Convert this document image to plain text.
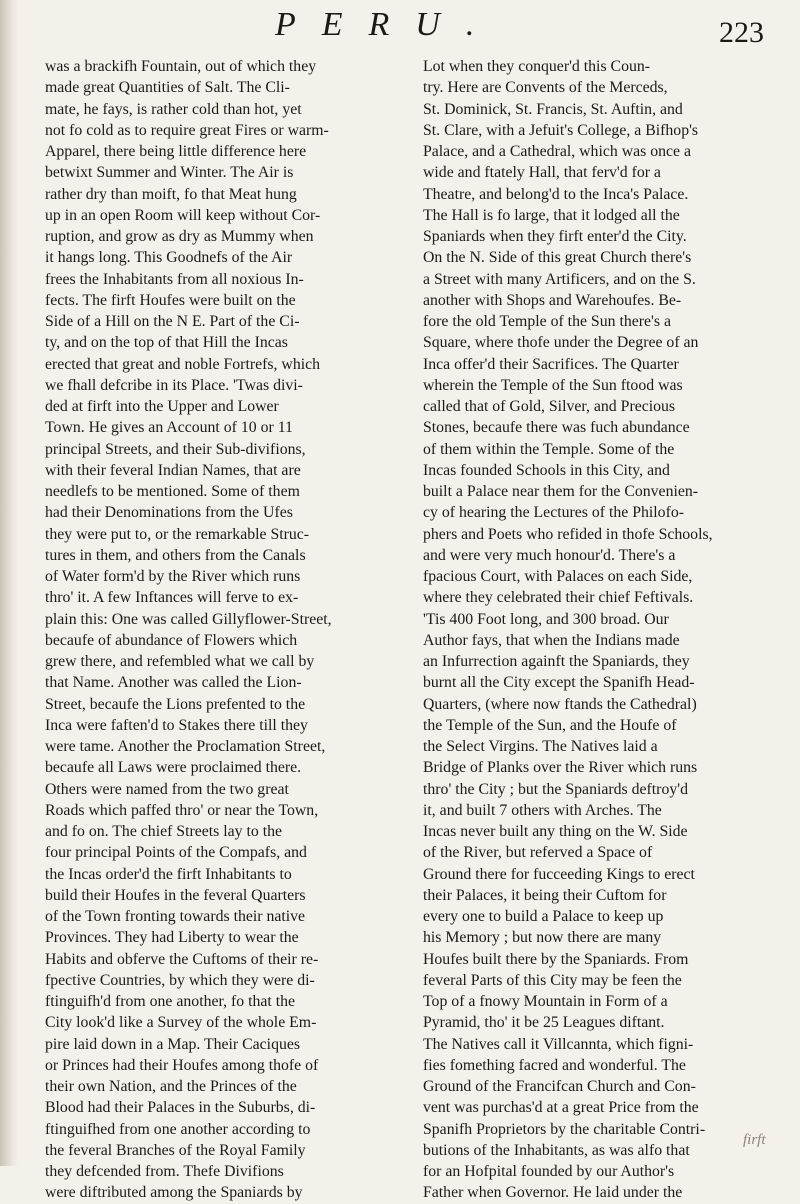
PERU.	223
was a brackifh Fountain, out of which they
made great Quantities of Salt. The Cli-
mate, he fays, is rather cold than hot, yet
not fo cold as to require great Fires or warm-
Apparel, there being little difference here
betwixt Summer and Winter. The Air is
rather dry than moift, fo that Meat hung
up in an open Room will keep without Cor-
ruption, and grow as dry as Mummy when
it hangs long. This Goodnefs of the Air
frees the Inhabitants from all noxious In-
fects. The firft Houfes were built on the
Side of a Hill on the N E. Part of the Ci-
ty, and on the top of that Hill the Incas
erected that great and noble Fortrefs, which
we fhall defcribe in its Place. 'Twas divi-
ded at firft into the Upper and Lower
Town. He gives an Account of 10 or 11
principal Streets, and their Sub-divifions,
with their feveral Indian Names, that are
needlefs to be mentioned. Some of them
had their Denominations from the Ufes
they were put to, or the remarkable Struc-
tures in them, and others from the Canals
of Water form'd by the River which runs
thro' it. A few Inftances will ferve to ex-
plain this: One was called Gillyflower-Street,
becaufe of abundance of Flowers which
grew there, and refembled what we call by
that Name. Another was called the Lion-
Street, becaufe the Lions prefented to the
Inca were faften'd to Stakes there till they
were tame. Another the Proclamation Street,
becaufe all Laws were proclaimed there.
Others were named from the two great
Roads which paffed thro' or near the Town,
and fo on. The chief Streets lay to the
four principal Points of the Compafs, and
the Incas order'd the firft Inhabitants to
build their Houfes in the feveral Quarters
of the Town fronting towards their native
Provinces. They had Liberty to wear the
Habits and obferve the Cuftoms of their re-
fpective Countries, by which they were di-
ftinguifh'd from one another, fo that the
City look'd like a Survey of the whole Em-
pire laid down in a Map. Their Caciques
or Princes had their Houfes among thofe of
their own Nation, and the Princes of the
Blood had their Palaces in the Suburbs, di-
ftinguifhed from one another according to
the feveral Branches of the Royal Family
they defcended from. Thefe Divifions
were diftributed among the Spaniards by
Lot when they conquer'd this Coun-
try. Here are Convents of the Merceds,
St. Dominick, St. Francis, St. Auftin, and
St. Clare, with a Jefuit's College, a Bifhop's
Palace, and a Cathedral, which was once a
wide and ftately Hall, that ferv'd for a
Theatre, and belong'd to the Inca's Palace.
The Hall is fo large, that it lodged all the
Spaniards when they firft enter'd the City.
On the N. Side of this great Church there's
a Street with many Artificers, and on the S.
another with Shops and Warehoufes. Be-
fore the old Temple of the Sun there's a
Square, where thofe under the Degree of an
Inca offer'd their Sacrifices. The Quarter
wherein the Temple of the Sun ftood was
called that of Gold, Silver, and Precious
Stones, becaufe there was fuch abundance
of them within the Temple. Some of the
Incas founded Schools in this City, and
built a Palace near them for the Convenien-
cy of hearing the Lectures of the Philofo-
phers and Poets who refided in thofe Schools,
and were very much honour'd. There's a
fpacious Court, with Palaces on each Side,
where they celebrated their chief Feftivals.
'Tis 400 Foot long, and 300 broad. Our
Author fays, that when the Indians made
an Infurrection againft the Spaniards, they
burnt all the City except the Spanifh Head-
Quarters, (where now ftands the Cathedral)
the Temple of the Sun, and the Houfe of
the Select Virgins. The Natives laid a
Bridge of Planks over the River which runs
thro' the City ; but the Spaniards deftroy'd
it, and built 7 others with Arches. The
Incas never built any thing on the W. Side
of the River, but referved a Space of
Ground there for fucceeding Kings to erect
their Palaces, it being their Cuftom for
every one to build a Palace to keep up
his Memory ; but now there are many
Houfes built there by the Spaniards. From
feveral Parts of this City may be feen the
Top of a fnowy Mountain in Form of a
Pyramid, tho' it be 25 Leagues diftant.
The Natives call it Villcannta, which figni-
fies fomething facred and wonderful. The
Ground of the Francifcan Church and Con-
vent was purchas'd at a great Price from the
Spanifh Proprietors by the charitable Contri-
butions of the Inhabitants, as was alfo that
for an Hofpital founded by our Author's
Father when Governor. He laid under the
firft
